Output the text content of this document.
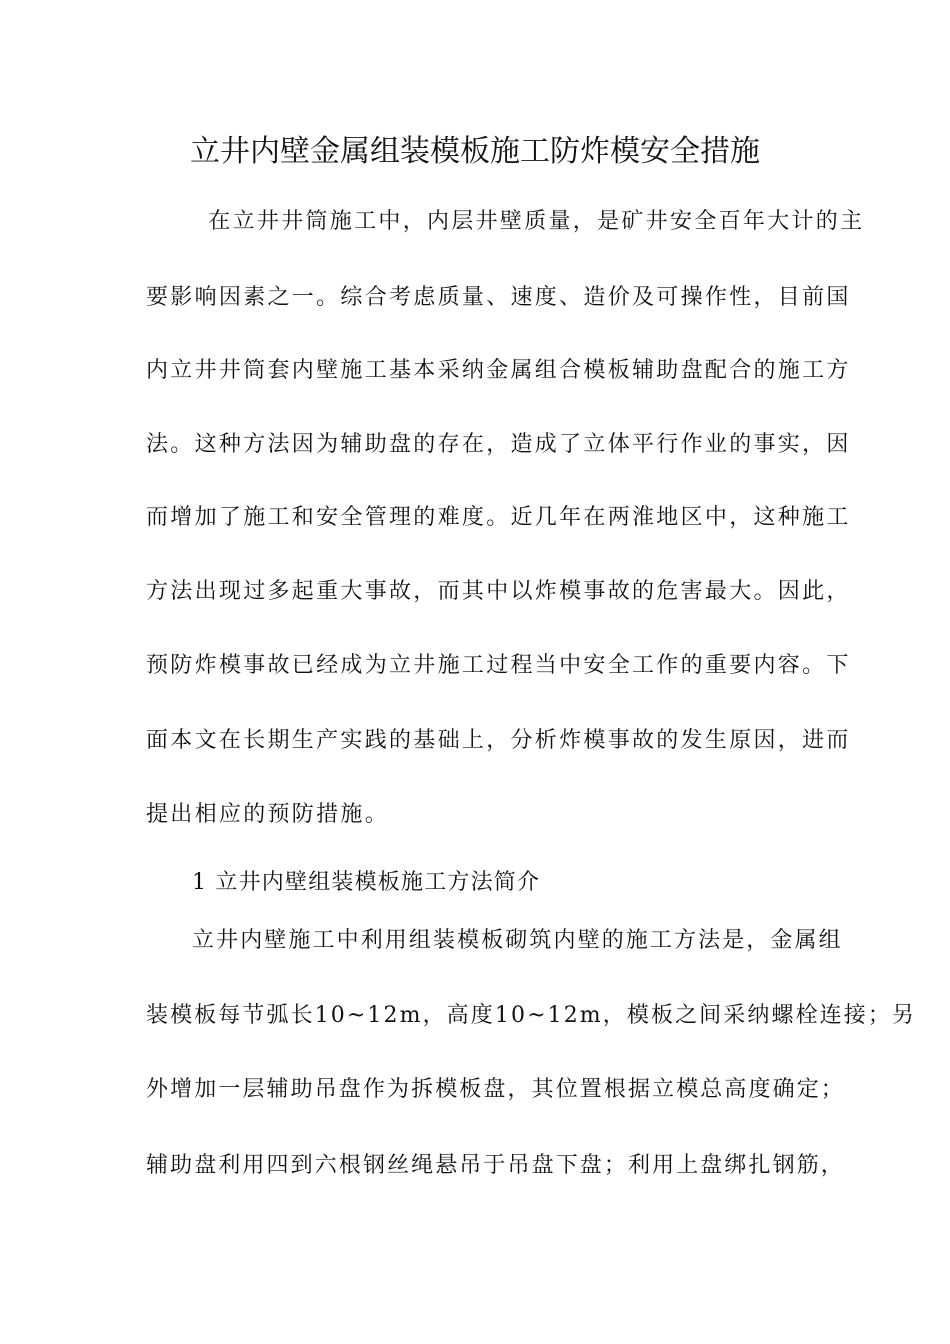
立井内壁金属组装模板施工防炸模安全措施
　在立井井筒施工中，内层井壁质量，是矿井安全百年大计的主
要影响因素之一。综合考虑质量、速度、造价及可操作性，目前国
内立井井筒套内壁施工基本采纳金属组合模板辅助盘配合的施工方
法。这种方法因为辅助盘的存在，造成了立体平行作业的事实，因
而增加了施工和安全管理的难度。近几年在两淮地区中，这种施工
方法出现过多起重大事故，而其中以炸模事故的危害最大。因此，
预防炸模事故已经成为立井施工过程当中安全工作的重要内容。下
面本文在长期生产实践的基础上，分析炸模事故的发生原因，进而
提出相应的预防措施。
1 立井内壁组装模板施工方法简介
立井内壁施工中利用组装模板砌筑内壁的施工方法是，金属组
装模板每节弧长10~12m，高度10~12m，模板之间采纳螺栓连接；另
外增加一层辅助吊盘作为拆模板盘，其位置根据立模总高度确定；
辅助盘利用四到六根钢丝绳悬吊于吊盘下盘；利用上盘绑扎钢筋，
